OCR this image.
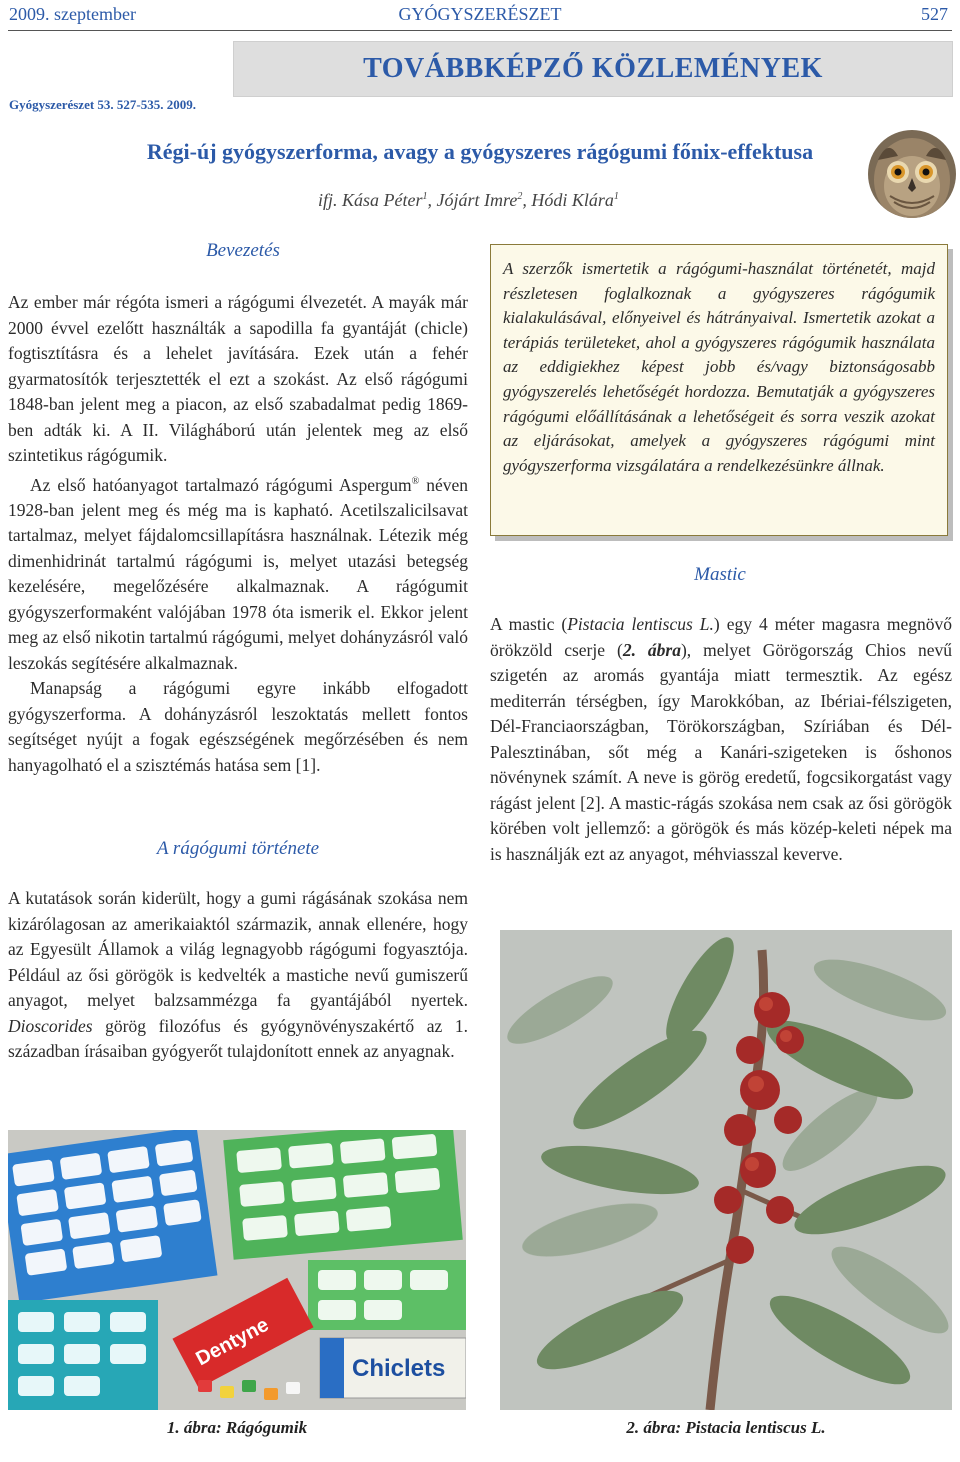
2009. szeptember	GYÓGYSZERÉSZET	527
TOVÁBBKÉPZŐ KÖZLEMÉNYEK
Gyógyszerészet 53. 527-535. 2009.
Régi-új gyógyszerforma, avagy a gyógyszeres rágógumi főnix-effektusa
ifj. Kása Péter$^1$, Jójárt Imre$^2$, Hódi Klára$^1$
Bevezetés

Az ember már régóta ismeri a rágógumi élvezetét. A mayák már 2000 évvel ezelőtt használták a sapodilla fa gyantáját (chicle) fogtisztításra és a lehelet javítására. Ezek után a fehér gyarmatosítók terjesztették el ezt a szokást. Az első rágógumi 1848-ban jelent meg a piacon, az első szabadalmat pedig 1869-ben adták ki. A II. Világháború után jelentek meg az első szintetikus rágógumik.

Az első hatóanyagot tartalmazó rágógumi Aspergum® néven 1928-ban jelent meg és még ma is kapható. Acetilszalicilsavat tartalmaz, melyet fájdalomcsillapításra használnak. Létezik még dimenhidrinát tartalmú rágógumi is, melyet utazási betegség kezelésére, megelőzésére alkalmaznak. A rágógumit gyógyszerformaként valójában 1978 óta ismerik el. Ekkor jelent meg az első nikotin tartalmú rágógumi, melyet dohányzásról való leszokás segítésére alkalmaznak.

Manapság a rágógumi egyre inkább elfogadott gyógyszerforma. A dohányzásról leszoktatás mellett fontos segítséget nyújt a fogak egészségének megőrzésében és nem hanyagolható el a szisztémás hatása sem [1].

A rágógumi története

A kutatások során kiderült, hogy a gumi rágásának szokása nem kizárólagosan az amerikaiaktól származik, annak ellenére, hogy az Egyesült Államok a világ legnagyobb rágógumi fogyasztója. Például az ősi görögök is kedvelték a mastiche nevű gumiszerű anyagot, melyet balzsammézga fa gyantájából nyertek. Dioscorides görög filozófus és gyógynövényszakértő az 1. században írásaiban gyógyerőt tulajdonított ennek az anyagnak.

A szerzők ismertetik a rágógumi-használat történetét, majd részletesen foglalkoznak a gyógyszeres rágógumik kialakulásával, előnyeivel és hátrányaival. Ismertetik azokat a terápiás területeket, ahol a gyógyszeres rágógumik használata az eddigiekhez képest jobb és/vagy biztonságosabb gyógyszerelés lehetőségét hordozza. Bemutatják a gyógyszeres rágógumi előállításának a lehetőségeit és sorra veszik azokat az eljárásokat, amelyek a gyógyszeres rágógumi mint gyógyszerforma vizsgálatára a rendelkezésünkre állnak.
Mastic

A mastic (Pistacia lentiscus L.) egy 4 méter magasra megnövő örökzöld cserje (2. ábra), melyet Görögország Chios nevű szigetén az aromás gyantája miatt termesztik. Az egész mediterrán térségben, így Marokkóban, az Ibériai-félszigeten, Dél-Franciaországban, Törökországban, Szíriában és Dél-Palesztinában, sőt még a Kanári-szigeteken is őshonos növénynek számít. A neve is görög eredetű, fogcsikorgatást vagy rágást jelent [2]. A mastic-rágás szokása nem csak az ősi görögök körében volt jellemző: a görögök és más közép-keleti népek ma is használják ezt az anyagot, méhviasszal keverve.

Dentyne	Chiclets
1. ábra: Rágógumik	2. ábra: Pistacia lentiscus L.
